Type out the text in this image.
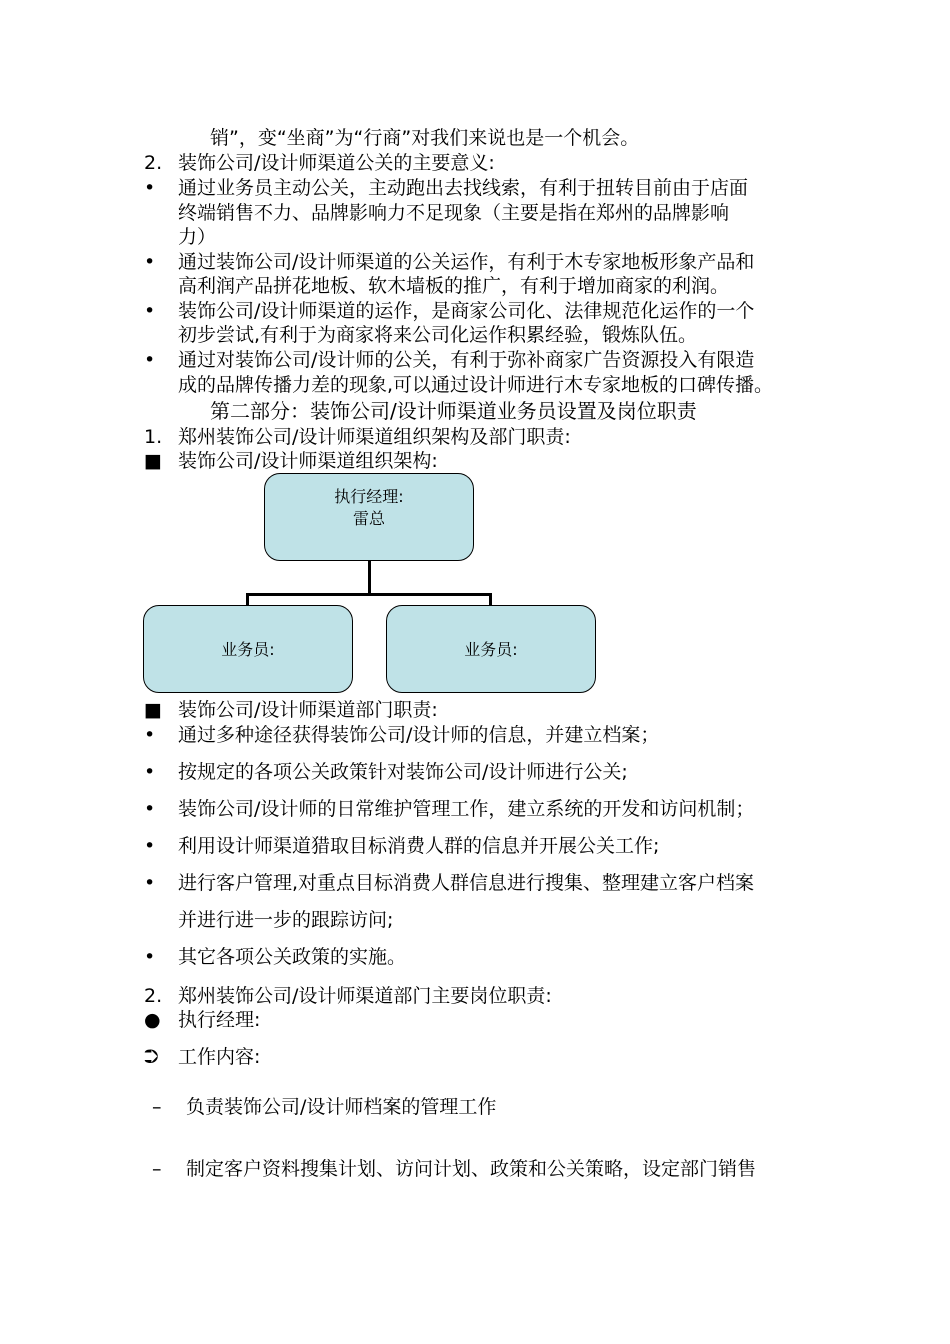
销”，变“坐商”为“行商”对我们来说也是一个机会。
2. 装饰公司/设计师渠道公关的主要意义:
• 通过业务员主动公关，主动跑出去找线索，有利于扭转目前由于店面
终端销售不力、品牌影响力不足现象（主要是指在郑州的品牌影响
力）
• 通过装饰公司/设计师渠道的公关运作，有利于木专家地板形象产品和
高利润产品拼花地板、软木墙板的推广，有利于增加商家的利润。
• 装饰公司/设计师渠道的运作，是商家公司化、法律规范化运作的一个
初步尝试,有利于为商家将来公司化运作积累经验，锻炼队伍。
• 通过对装饰公司/设计师的公关，有利于弥补商家广告资源投入有限造
成的品牌传播力差的现象,可以通过设计师进行木专家地板的口碑传播。
第二部分：装饰公司/设计师渠道业务员设置及岗位职责
1. 郑州装饰公司/设计师渠道组织架构及部门职责:
■ 装饰公司/设计师渠道组织架构:
执行经理:
雷总
业务员:	业务员:
■ 装饰公司/设计师渠道部门职责:
• 通过多种途径获得装饰公司/设计师的信息，并建立档案；
• 按规定的各项公关政策针对装饰公司/设计师进行公关;
• 装饰公司/设计师的日常维护管理工作，建立系统的开发和访问机制；
• 利用设计师渠道猎取目标消费人群的信息并开展公关工作;
• 进行客户管理,对重点目标消费人群信息进行搜集、整理建立客户档案
并进行进一步的跟踪访问;
• 其它各项公关政策的实施。
2. 郑州装饰公司/设计师渠道部门主要岗位职责:
● 执行经理:
⮊ 工作内容:
– 负责装饰公司/设计师档案的管理工作
– 制定客户资料搜集计划、访问计划、政策和公关策略，设定部门销售
